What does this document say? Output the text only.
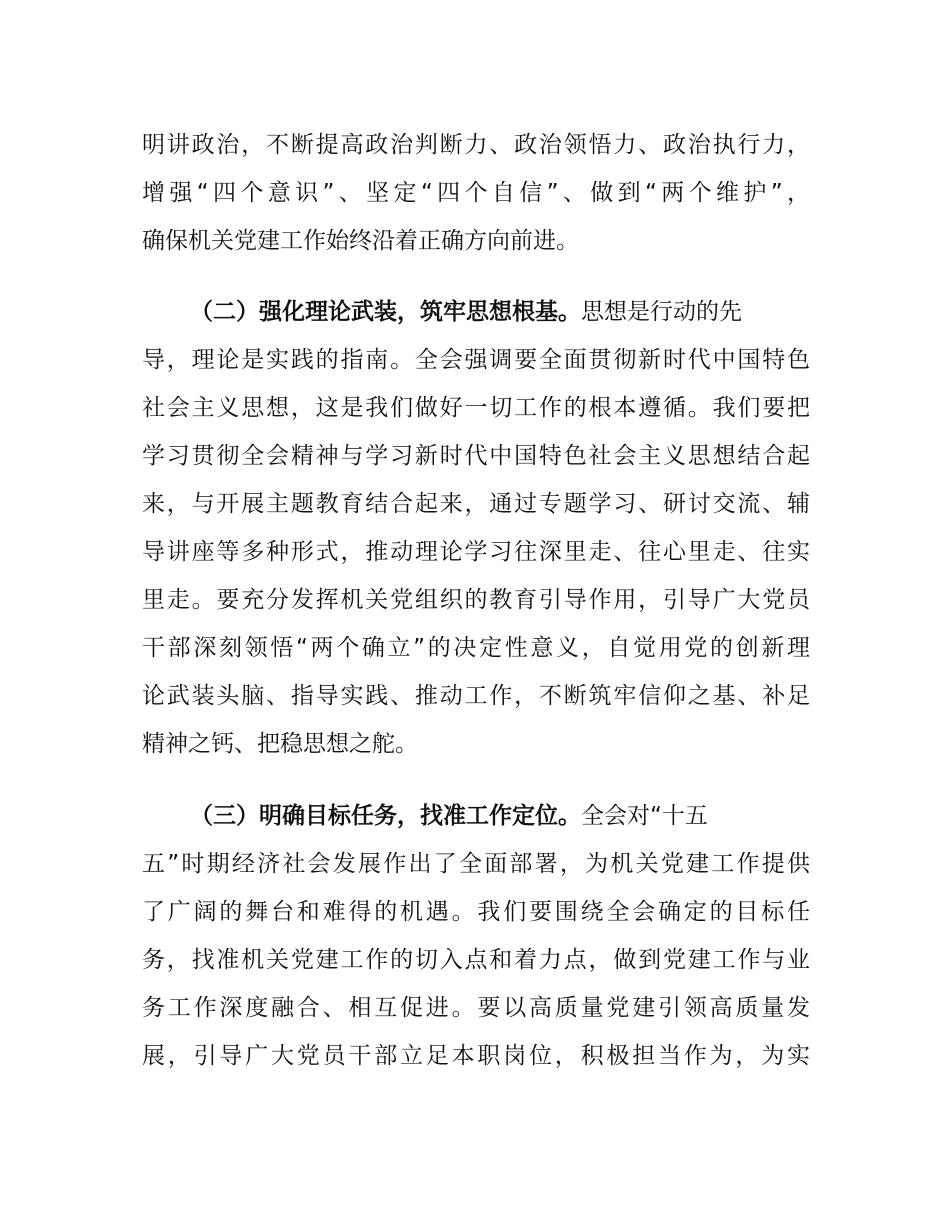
明讲政治，不断提高政治判断力、政治领悟力、政治执行力，
增强“四个意识”、坚定“四个自信”、做到“两个维护”，
确保机关党建工作始终沿着正确方向前进。
（二）强化理论武装，筑牢思想根基。思想是行动的先
导，理论是实践的指南。全会强调要全面贯彻新时代中国特色
社会主义思想，这是我们做好一切工作的根本遵循。我们要把
学习贯彻全会精神与学习新时代中国特色社会主义思想结合起
来，与开展主题教育结合起来，通过专题学习、研讨交流、辅
导讲座等多种形式，推动理论学习往深里走、往心里走、往实
里走。要充分发挥机关党组织的教育引导作用，引导广大党员
干部深刻领悟“两个确立”的决定性意义，自觉用党的创新理
论武装头脑、指导实践、推动工作，不断筑牢信仰之基、补足
精神之钙、把稳思想之舵。
（三）明确目标任务，找准工作定位。全会对“十五
五”时期经济社会发展作出了全面部署，为机关党建工作提供
了广阔的舞台和难得的机遇。我们要围绕全会确定的目标任
务，找准机关党建工作的切入点和着力点，做到党建工作与业
务工作深度融合、相互促进。要以高质量党建引领高质量发
展，引导广大党员干部立足本职岗位，积极担当作为，为实
